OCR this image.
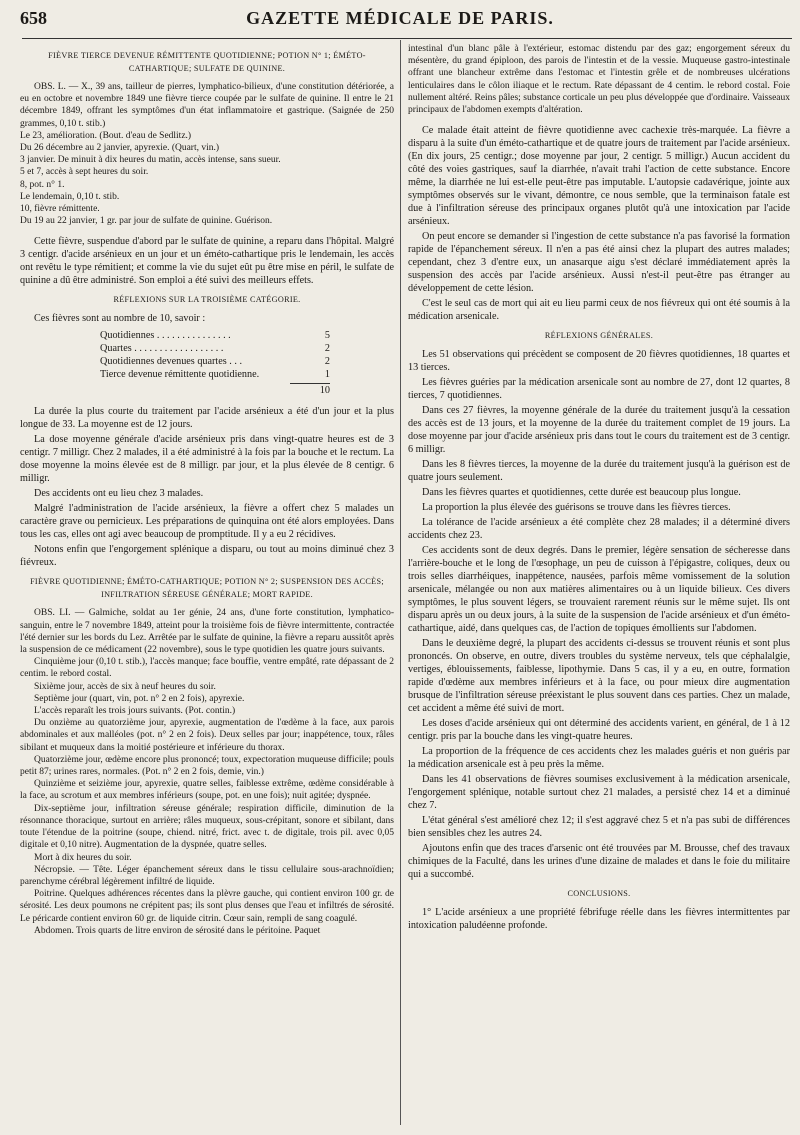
658	GAZETTE MÉDICALE DE PARIS.

FIÈVRE TIERCE DEVENUE RÉMITTENTE QUOTIDIENNE; POTION N° 1; ÉMÉTO-CATHARTIQUE; SULFATE DE QUININE.

OBS. L. — X., 39 ans, tailleur de pierres, lymphatico-bilieux, d'une constitution détériorée, a eu en octobre et novembre 1849 une fièvre tierce coupée par le sulfate de quinine. Il entre le 21 décembre 1849, offrant les symptômes d'un état inflammatoire et gastrique. (Saignée de 250 grammes, 0,10 t. stib.)

Le 23, amélioration. (Bout. d'eau de Sedlitz.)

Du 26 décembre au 2 janvier, apyrexie. (Quart, vin.)

3 janvier. De minuit à dix heures du matin, accès intense, sans sueur.

5 et 7, accès à sept heures du soir.

8, pot. n° 1.

Le lendemain, 0,10 t. stib.

10, fièvre rémittente.

Du 19 au 22 janvier, 1 gr. par jour de sulfate de quinine. Guérison.

Cette fièvre, suspendue d'abord par le sulfate de quinine, a reparu dans l'hôpital. Malgré 3 centigr. d'acide arsénieux en un jour et un éméto-cathartique pris le lendemain, les accès ont revêtu le type rémitient; et comme la vie du sujet eût pu être mise en péril, le sulfate de quinine a dû être administré. Son emploi a été suivi des meilleurs effets.

RÉFLEXIONS SUR LA TROISIÈME CATÉGORIE.

Ces fièvres sont au nombre de 10, savoir :

Quotidiennes . . . . . . . . . . . . . . .	5
Quartes . . . . . . . . . . . . . . . . . .	2
Quotidiennes devenues quartes . . .	2
Tierce devenue rémittente quotidienne.	1
10

La durée la plus courte du traitement par l'acide arsénieux a été d'un jour et la plus longue de 33. La moyenne est de 12 jours.

La dose moyenne générale d'acide arsénieux pris dans vingt-quatre heures est de 3 centigr. 7 milligr. Chez 2 malades, il a été administré à la fois par la bouche et le rectum. La dose moyenne la moins élevée est de 8 milligr. par jour, et la plus élevée de 8 centigr. 6 milligr.

Des accidents ont eu lieu chez 3 malades.

Malgré l'administration de l'acide arsénieux, la fièvre a offert chez 5 malades un caractère grave ou pernicieux. Les préparations de quinquina ont été alors employées. Dans tous les cas, elles ont agi avec beaucoup de promptitude. Il y a eu 2 récidives.

Notons enfin que l'engorgement splénique a disparu, ou tout au moins diminué chez 3 fiévreux.

FIÈVRE QUOTIDIENNE; ÉMÉTO-CATHARTIQUE; POTION N° 2; SUSPENSION DES ACCÈS; INFILTRATION SÉREUSE GÉNÉRALE; MORT RAPIDE.

OBS. LI. — Galmiche, soldat au 1er génie, 24 ans, d'une forte constitution, lymphatico-sanguin, entre le 7 novembre 1849, atteint pour la troisième fois de fièvre intermittente, contractée l'été dernier sur les bords du Lez. Arrêtée par le sulfate de quinine, la fièvre a reparu aussitôt après la suspension de ce médicament (22 novembre), sous le type quotidien les quatre jours suivants.

Cinquième jour (0,10 t. stib.), l'accès manque; face bouffie, ventre empâté, rate dépassant de 2 centim. le rebord costal.

Sixième jour, accès de six à neuf heures du soir.

Septième jour (quart, vin, pot. n° 2 en 2 fois), apyrexie.

L'accès reparaît les trois jours suivants. (Pot. contin.)

Du onzième au quatorzième jour, apyrexie, augmentation de l'œdème à la face, aux parois abdominales et aux malléoles (pot. n° 2 en 2 fois). Deux selles par jour; inappétence, toux, râles sibilant et muqueux dans la moitié postérieure et inférieure du thorax.

Quatorzième jour, œdème encore plus prononcé; toux, expectoration muqueuse difficile; pouls petit 87; urines rares, normales. (Pot. n° 2 en 2 fois, demie, vin.)

Quinzième et seizième jour, apyrexie, quatre selles, faiblesse extrême, œdème considérable à la face, au scrotum et aux membres inférieurs (soupe, pot. en une fois); nuit agitée; dyspnée.

Dix-septième jour, infiltration séreuse générale; respiration difficile, diminution de la résonnance thoracique, surtout en arrière; râles muqueux, sous-crépitant, sonore et sibilant, dans toute l'étendue de la poitrine (soupe, chiend. nitré, frict. avec t. de digitale, trois pil. avec 0,05 digitale et 0,10 nitre). Augmentation de la dyspnée, quatre selles.

Mort à dix heures du soir.

Nécropsie. — Tête. Léger épanchement séreux dans le tissu cellulaire sous-arachnoïdien; parenchyme cérébral légèrement infiltré de liquide.

Poitrine. Quelques adhérences récentes dans la plèvre gauche, qui contient environ 100 gr. de sérosité. Les deux poumons ne crépitent pas; ils sont plus denses que l'eau et infiltrés de sérosité. Le péricarde contient environ 60 gr. de liquide citrin. Cœur sain, rempli de sang coagulé.

Abdomen. Trois quarts de litre environ de sérosité dans le péritoine. Paquet

intestinal d'un blanc pâle à l'extérieur, estomac distendu par des gaz; engorgement séreux du mésentère, du grand épiploon, des parois de l'intestin et de la vessie. Muqueuse gastro-intestinale offrant une blancheur extrême dans l'estomac et l'intestin grêle et de nombreuses ulcérations lenticulaires dans le côlon iliaque et le rectum. Rate dépassant de 4 centim. le rebord costal. Foie nullement altéré. Reins pâles; substance corticale un peu plus développée que d'ordinaire. Vaisseaux principaux de l'abdomen exempts d'altération.

Ce malade était atteint de fièvre quotidienne avec cachexie très-marquée. La fièvre a disparu à la suite d'un éméto-cathartique et de quatre jours de traitement par l'acide arsénieux. (En dix jours, 25 centigr.; dose moyenne par jour, 2 centigr. 5 milligr.) Aucun accident du côté des voies gastriques, sauf la diarrhée, n'avait trahi l'action de cette substance. Encore même, la diarrhée ne lui est-elle peut-être pas imputable. L'autopsie cadavérique, jointe aux symptômes observés sur le vivant, démontre, ce nous semble, que la terminaison fatale est due à l'infiltration séreuse des principaux organes plutôt qu'à une intoxication par l'acide arsénieux.

On peut encore se demander si l'ingestion de cette substance n'a pas favorisé la formation rapide de l'épanchement séreux. Il n'en a pas été ainsi chez la plupart des autres malades; cependant, chez 3 d'entre eux, un anasarque aigu s'est déclaré immédiatement après la suspension des accès par l'acide arsénieux. Aussi n'est-il peut-être pas étranger au développement de cette lésion.

C'est le seul cas de mort qui ait eu lieu parmi ceux de nos fiévreux qui ont été soumis à la médication arsenicale.

RÉFLEXIONS GÉNÉRALES.

Les 51 observations qui précèdent se composent de 20 fièvres quotidiennes, 18 quartes et 13 tierces.

Les fièvres guéries par la médication arsenicale sont au nombre de 27, dont 12 quartes, 8 tierces, 7 quotidiennes.

Dans ces 27 fièvres, la moyenne générale de la durée du traitement jusqu'à la cessation des accès est de 13 jours, et la moyenne de la durée du traitement complet de 19 jours. La dose moyenne par jour d'acide arsénieux pris dans tout le cours du traitement est de 3 centigr. 6 milligr.

Dans les 8 fièvres tierces, la moyenne de la durée du traitement jusqu'à la guérison est de quatre jours seulement.

Dans les fièvres quartes et quotidiennes, cette durée est beaucoup plus longue.

La proportion la plus élevée des guérisons se trouve dans les fièvres tierces.

La tolérance de l'acide arsénieux a été complète chez 28 malades; il a déterminé divers accidents chez 23.

Ces accidents sont de deux degrés. Dans le premier, légère sensation de sécheresse dans l'arrière-bouche et le long de l'œsophage, un peu de cuisson à l'épigastre, coliques, deux ou trois selles diarrhéiques, inappétence, nausées, parfois même vomissement de la solution arsenicale, mélangée ou non aux matières alimentaires ou à un liquide bilieux. Ces divers symptômes, le plus souvent légers, se trouvaient rarement réunis sur le même sujet. Ils ont disparu après un ou deux jours, à la suite de la suspension de l'acide arsénieux et d'un éméto-cathartique, aidé, dans quelques cas, de l'action de topiques émollients sur l'abdomen.

Dans le deuxième degré, la plupart des accidents ci-dessus se trouvent réunis et sont plus prononcés. On observe, en outre, divers troubles du système nerveux, tels que céphalalgie, vertiges, éblouissements, faiblesse, lipothymie. Dans 5 cas, il y a eu, en outre, formation rapide d'œdème aux membres inférieurs et à la face, ou pour mieux dire augmentation brusque de l'infiltration séreuse préexistant le plus souvent dans ces parties. Chez un malade, cet accident a même été suivi de mort.

Les doses d'acide arsénieux qui ont déterminé des accidents varient, en général, de 1 à 12 centigr. pris par la bouche dans les vingt-quatre heures.

La proportion de la fréquence de ces accidents chez les malades guéris et non guéris par la médication arsenicale est à peu près la même.

Dans les 41 observations de fièvres soumises exclusivement à la médication arsenicale, l'engorgement splénique, notable surtout chez 21 malades, a persisté chez 14 et a diminué chez 7.

L'état général s'est amélioré chez 12; il s'est aggravé chez 5 et n'a pas subi de différences bien sensibles chez les autres 24.

Ajoutons enfin que des traces d'arsenic ont été trouvées par M. Brousse, chef des travaux chimiques de la Faculté, dans les urines d'une dizaine de malades et dans le foie du militaire qui a succombé.

CONCLUSIONS.

1° L'acide arsénieux a une propriété fébrifuge réelle dans les fièvres intermittentes par intoxication paludéenne profonde.
